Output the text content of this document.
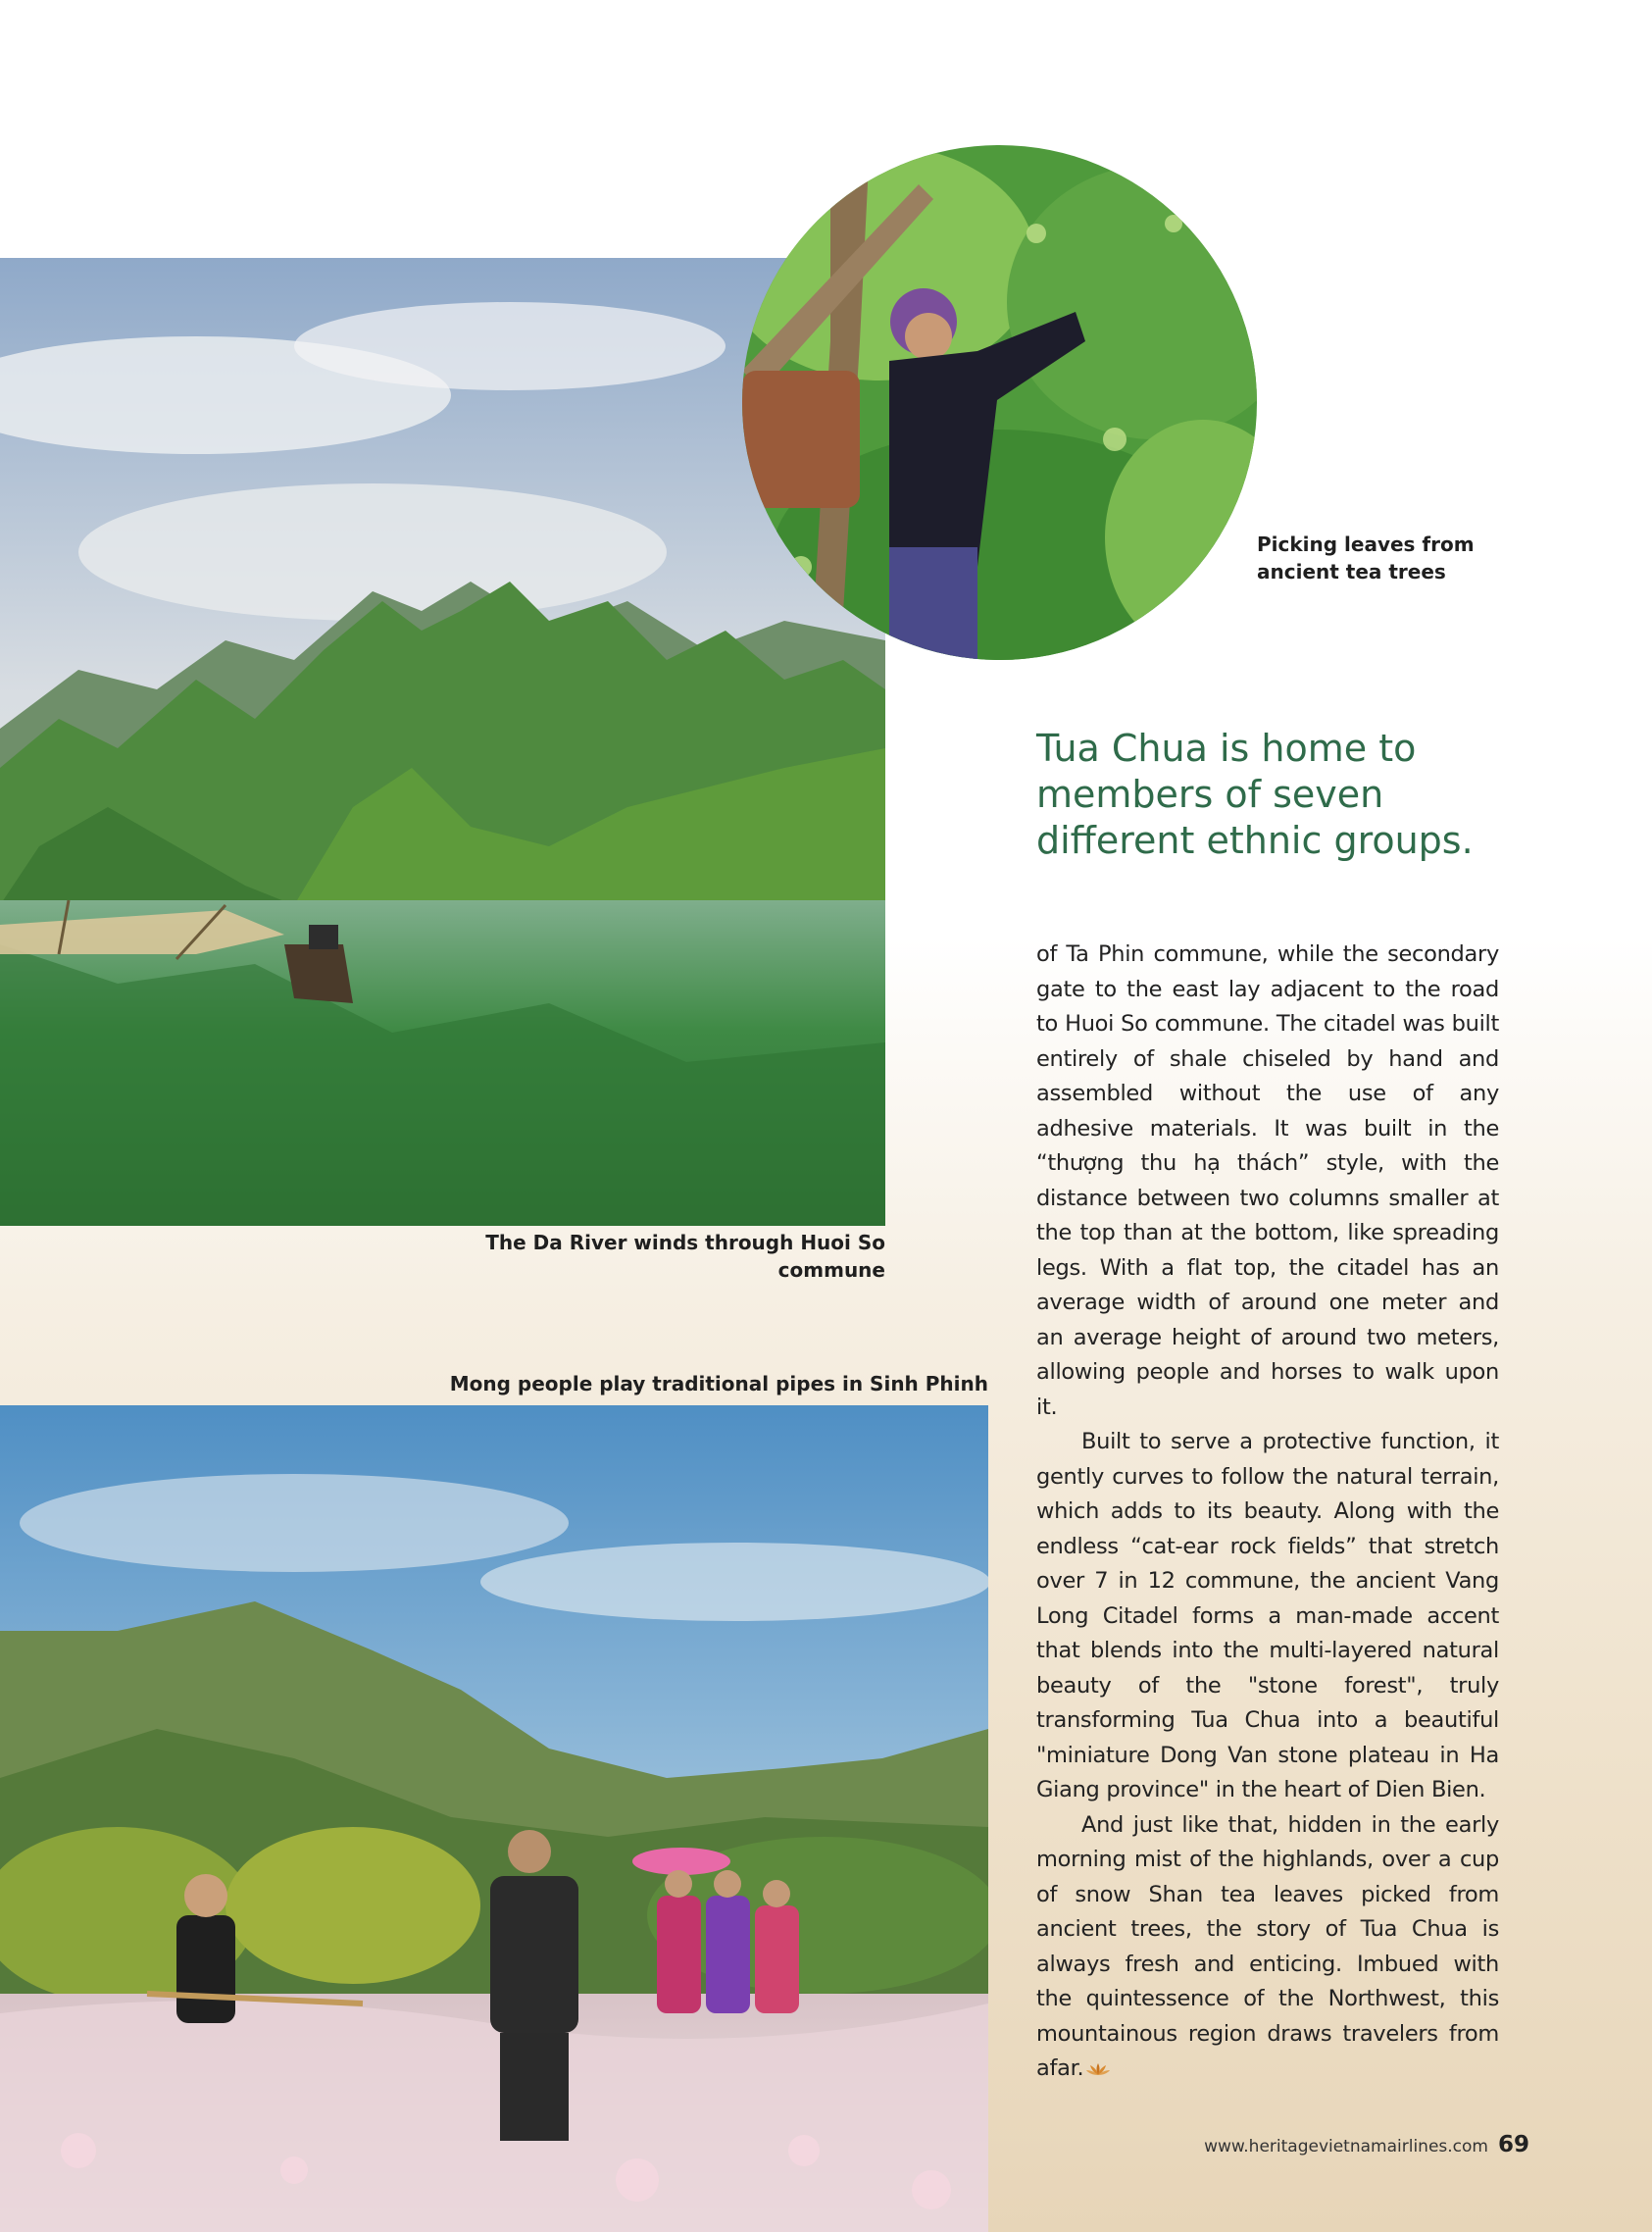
The Da River winds through Huoi So commune

Mong people play traditional pipes in Sinh Phinh

Picking leaves from
ancient tea trees

Tua Chua is home to
members of seven
different ethnic groups.

of Ta Phin commune, while the secondary gate to the east lay adjacent to the road to Huoi So commune. The citadel was built entirely of shale chiseled by hand and assembled without the use of any adhesive materials. It was built in the “thượng thu hạ thách” style, with the distance between two columns smaller at the top than at the bottom, like spreading legs. With a flat top, the citadel has an average width of around one meter and an average height of around two meters, allowing people and horses to walk upon it.

Built to serve a protective function, it gently curves to follow the natural terrain, which adds to its beauty. Along with the endless “cat-ear rock fields” that stretch over 7 in 12 commune, the ancient Vang Long Citadel forms a man-made accent that blends into the multi-layered natural beauty of the "stone forest", truly transforming Tua Chua into a beautiful "miniature Dong Van stone plateau in Ha Giang province" in the heart of Dien Bien.

And just like that, hidden in the early morning mist of the highlands, over a cup of snow Shan tea leaves picked from ancient trees, the story of Tua Chua is always fresh and enticing. Imbued with the quintessence of the Northwest, this mountainous region draws travelers from afar.

www.heritagevietnamairlines.com 69
